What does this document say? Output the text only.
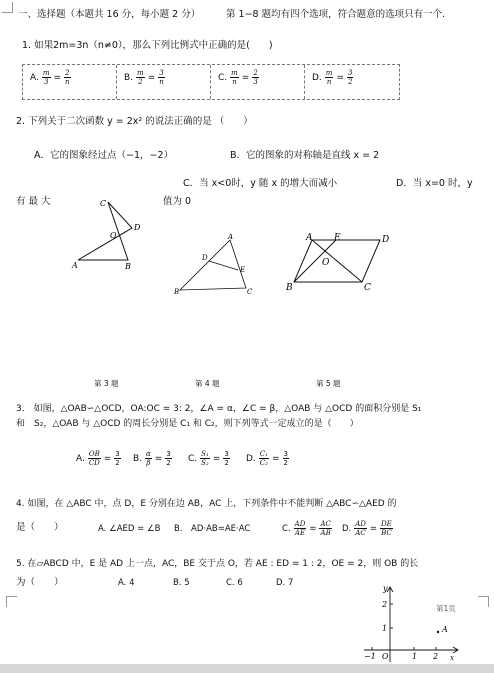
一、选择题（本题共 16 分，每小题 2 分）	第 1−8 题均有四个选项，符合题意的选项只有一个.
1. 如果2m=3n（n≠0），那么下列比例式中正确的是(　　)
A. $\frac{m}{3} = \frac{2}{n}$	B. $\frac{m}{2} = \frac{3}{n}$	C. $\frac{m}{n} = \frac{2}{3}$	D. $\frac{m}{n} = \frac{3}{2}$
2. 下列关于二次函数 y = 2x² 的说法正确的是 （　　）
A．它的图象经过点（−1，−2）	B．它的图象的对称轴是直线 x = 2
C．当 x<0时，y 随 x 的增大而减小	D．当 x=0 时，y
有 最 大	值为 0
C
D
O
A	B
A
D
E
B	C
A E	D
O
B	C
第 3 题	第 4 题	第 5 题
3． 如图，△OAB∽△OCD，OA:OC = 3: 2，∠A = α，∠C = β，△OAB 与 △OCD 的面积分别是 S₁
和　S₂，△OAB 与 △OCD 的周长分别是 C₁ 和 C₂，则下列等式一定成立的是（　　）
A. $\frac{OB}{CD} = \frac{3}{2} B$. $\frac{\alpha}{\beta} = \frac{3}{2} C$. $\frac{\text{S₁}}{\text{S₂}} = \frac{3}{2} D$. $\frac{\text{C₁}}{\text{C₂}} = \frac{3}{2}$
4. 如图，在 △ABC 中，点 D，E 分别在边 AB，AC 上，下列条件中不能判断 △ABC∽△AED 的
是（　　）	A. ∠AED = ∠B B.　AD·AB=AE·AC	C. $\frac{AD}{AE} = \frac{AC}{AB} D$. $\frac{AD}{AC} = \frac{DE}{BC}$
5. 在▱ABCD 中，E 是 AD 上一点，AC，BE 交于点 O，若 AE : ED = 1 : 2，OE = 2，则 OB 的长
为（　　）	A. 4	B. 5	C. 6	D. 7
y
2
1
O
−1	1 2 x
A
第1页
